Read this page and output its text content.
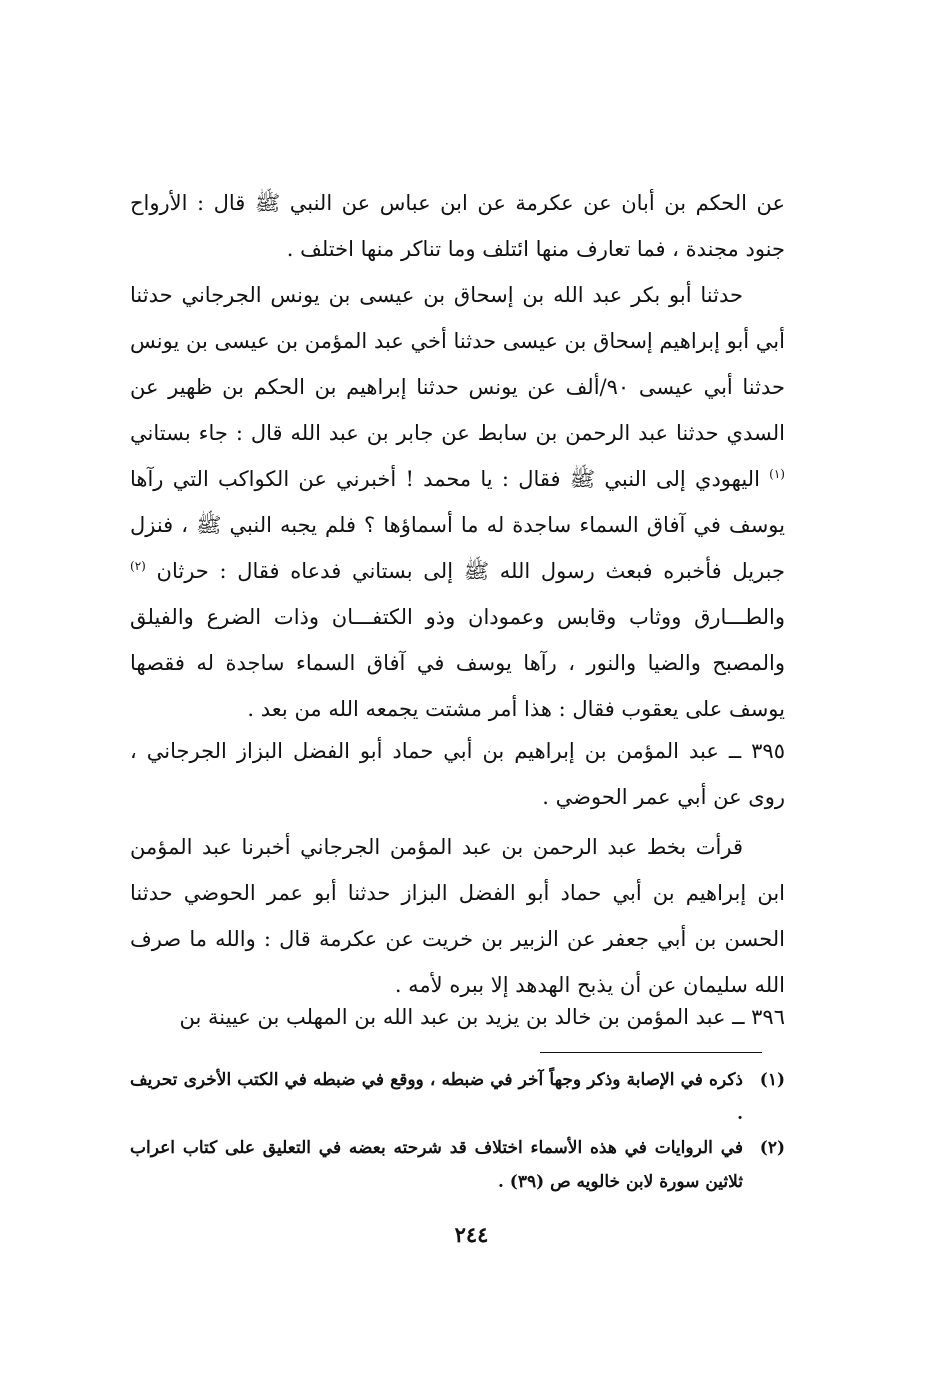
عن الحكم بن أبان عن عكرمة عن ابن عباس عن النبي ﷺ قال : الأرواح جنود مجندة ، فما تعارف منها ائتلف وما تناكر منها اختلف .
حدثنا أبو بكر عبد الله بن إسحاق بن عيسى بن يونس الجرجاني حدثنا أبي أبو إبراهيم إسحاق بن عيسى حدثنا أخي عبد المؤمن بن عيسى بن يونس حدثنا أبي عيسى ٩٠/ألف عن يونس حدثنا إبراهيم بن الحكم بن ظهير عن السدي حدثنا عبد الرحمن بن سابط عن جابر بن عبد الله قال : جاء بستاني $^{(١)}$ اليهودي إلى النبي ﷺ فقال : يا محمد ! أخبرني عن الكواكب التي رآها يوسف في آفاق السماء ساجدة له ما أسماؤها ؟ فلم يجبه النبي ﷺ ، فنزل جبريل فأخبره فبعث رسول الله ﷺ إلى بستاني فدعاه فقال : حرثان $^{(٢)}$ والطـــارق ووثاب وقابس وعمودان وذو الكتفـــان وذات الضرع والفيلق والمصبح والضيا والنور ، رآها يوسف في آفاق السماء ساجدة له فقصها يوسف على يعقوب فقال : هذا أمر مشتت يجمعه الله من بعد .
٣٩٥ ــ عبد المؤمن بن إبراهيم بن أبي حماد أبو الفضل البزاز الجرجاني ، روى عن أبي عمر الحوضي .
قرأت بخط عبد الرحمن بن عبد المؤمن الجرجاني أخبرنا عبد المؤمن ابن إبراهيم بن أبي حماد أبو الفضل البزاز حدثنا أبو عمر الحوضي حدثنا الحسن بن أبي جعفر عن الزبير بن خريت عن عكرمة قال : والله ما صرف الله سليمان عن أن يذبح الهدهد إلا ببره لأمه .
٣٩٦ ــ عبد المؤمن بن خالد بن يزيد بن عبد الله بن المهلب بن عيينة بن
(١)
ذكره في الإصابة وذكر وجهاً آخر في ضبطه ، ووقع في ضبطه في الكتب الأخرى تحريف .
(٢)
في الروايات في هذه الأسماء اختلاف قد شرحته بعضه في التعليق على كتاب اعراب ثلاثين سورة لابن خالويه ص (٣٩) .
٢٤٤
